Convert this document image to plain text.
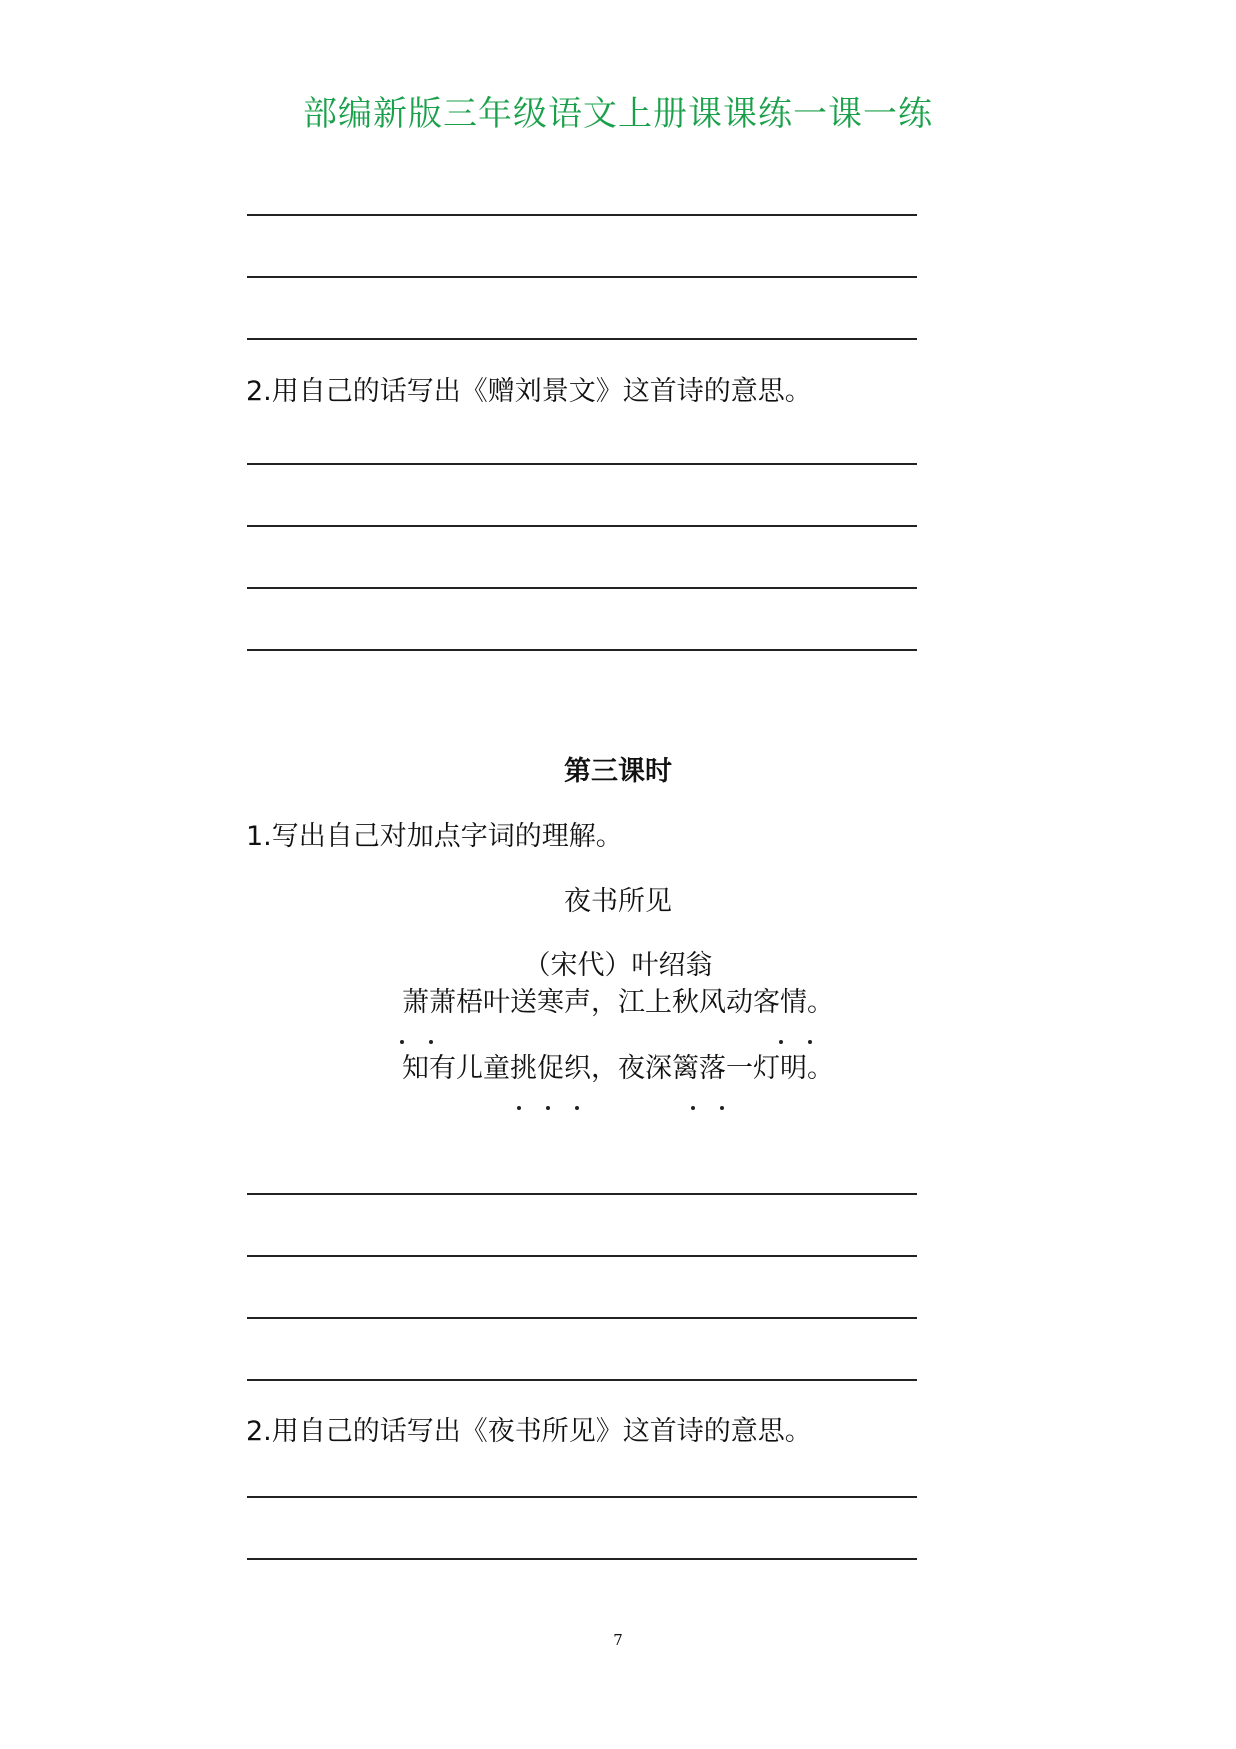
部编新版三年级语文上册课课练一课一练
2.用自己的话写出《赠刘景文》这首诗的意思。
第三课时
1.写出自己对加点字词的理解。
夜书所见
（宋代）叶绍翁
萧萧梧叶送寒声，江上秋风动客情。
知有儿童挑促织，夜深篱落一灯明。
2.用自己的话写出《夜书所见》这首诗的意思。
7
